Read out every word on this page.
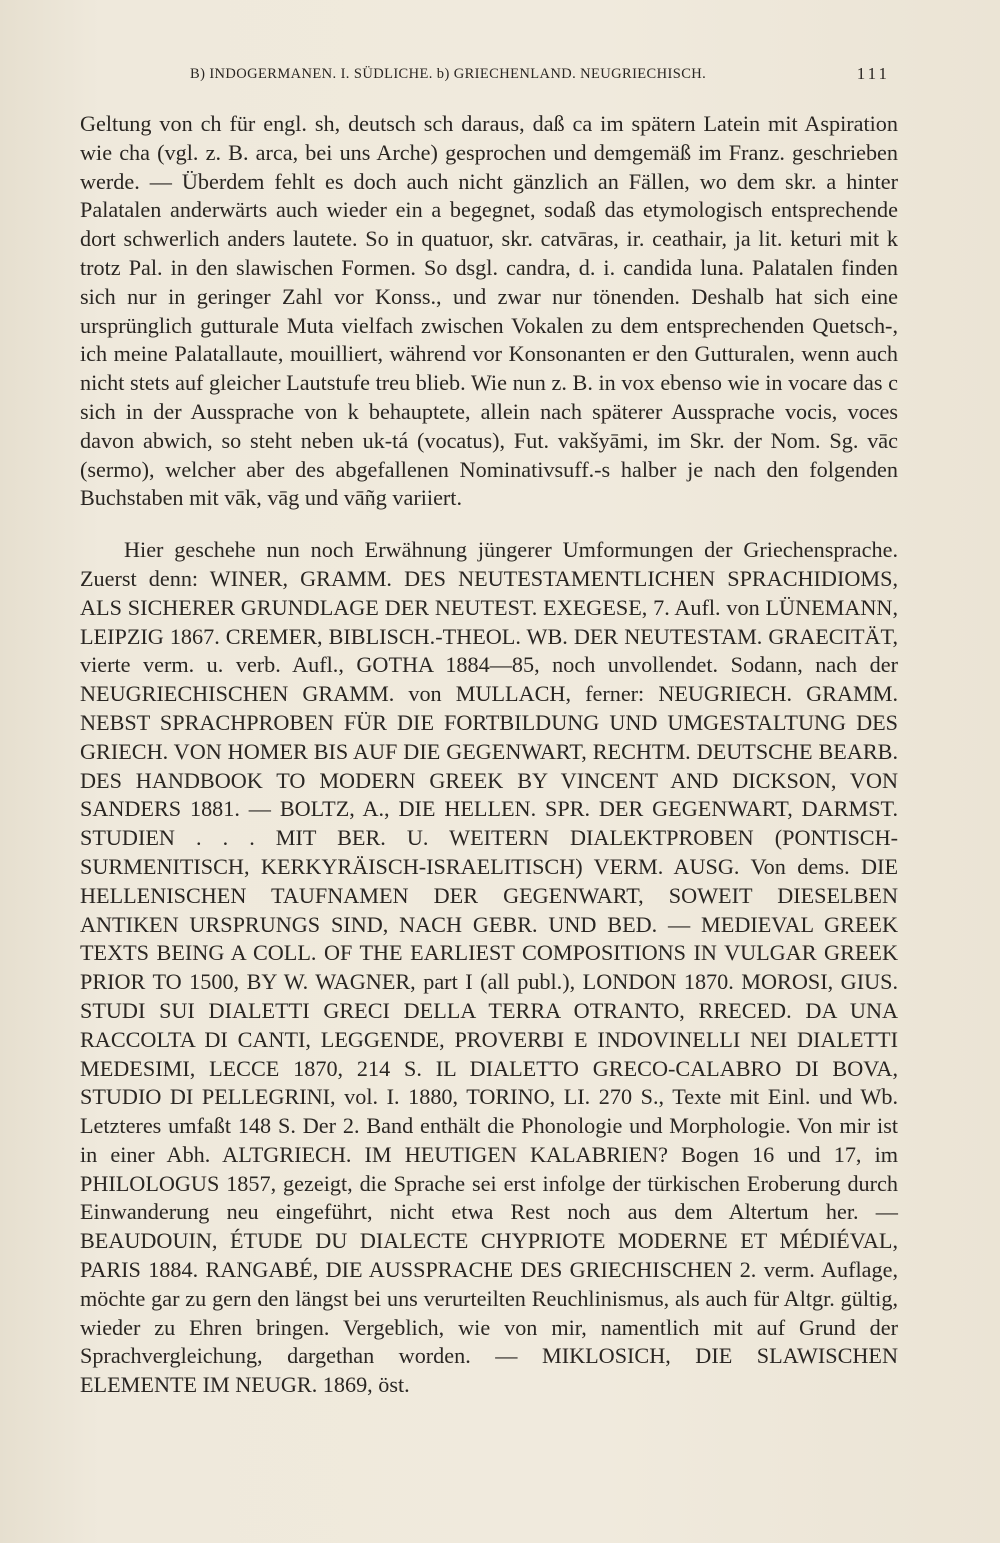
B) INDOGERMANEN. I. SÜDLICHE. b) GRIECHENLAND. NEUGRIECHISCH.	111

Geltung von ch für engl. sh, deutsch sch daraus, daß ca im spätern Latein mit Aspiration wie cha (vgl. z. B. arca, bei uns Arche) gesprochen und demgemäß im Franz. geschrieben werde. — Überdem fehlt es doch auch nicht gänzlich an Fällen, wo dem skr. a hinter Palatalen anderwärts auch wieder ein a begegnet, sodaß das etymologisch entsprechende dort schwerlich anders lautete. So in quatuor, skr. catvāras, ir. ceathair, ja lit. keturi mit k trotz Pal. in den slawischen Formen. So dsgl. candra, d. i. candida luna. Palatalen finden sich nur in geringer Zahl vor Konss., und zwar nur tönenden. Deshalb hat sich eine ursprünglich gutturale Muta vielfach zwischen Vokalen zu dem entsprechenden Quetsch-, ich meine Palatallaute, mouilliert, während vor Konsonanten er den Gutturalen, wenn auch nicht stets auf gleicher Lautstufe treu blieb. Wie nun z. B. in vox ebenso wie in vocare das c sich in der Aussprache von k behauptete, allein nach späterer Aussprache vocis, voces davon abwich, so steht neben uk-tá (vocatus), Fut. vakšyāmi, im Skr. der Nom. Sg. vāc (sermo), welcher aber des abgefallenen Nominativsuff.-s halber je nach den folgenden Buchstaben mit vāk, vāg und vāñg variiert.

Hier geschehe nun noch Erwähnung jüngerer Umformungen der Griechensprache. Zuerst denn: WINER, GRAMM. DES NEUTESTAMENTLICHEN SPRACHIDIOMS, ALS SICHERER GRUNDLAGE DER NEUTEST. EXEGESE, 7. Aufl. von LÜNEMANN, LEIPZIG 1867. CREMER, BIBLISCH.-THEOL. WB. DER NEUTESTAM. GRAECITÄT, vierte verm. u. verb. Aufl., GOTHA 1884—85, noch unvollendet. Sodann, nach der NEUGRIECHISCHEN GRAMM. von MULLACH, ferner: NEUGRIECH. GRAMM. NEBST SPRACHPROBEN FÜR DIE FORTBILDUNG UND UMGESTALTUNG DES GRIECH. VON HOMER BIS AUF DIE GEGENWART, RECHTM. DEUTSCHE BEARB. DES HANDBOOK TO MODERN GREEK BY VINCENT AND DICKSON, VON SANDERS 1881. — BOLTZ, A., DIE HELLEN. SPR. DER GEGENWART, DARMST. STUDIEN . . . MIT BER. U. WEITERN DIALEKTPROBEN (PONTISCH-SURMENITISCH, KERKYRÄISCH-ISRAELITISCH) VERM. AUSG. Von dems. DIE HELLENISCHEN TAUFNAMEN DER GEGENWART, SOWEIT DIESELBEN ANTIKEN URSPRUNGS SIND, NACH GEBR. UND BED. — MEDIEVAL GREEK TEXTS BEING A COLL. OF THE EARLIEST COMPOSITIONS IN VULGAR GREEK PRIOR TO 1500, BY W. WAGNER, part I (all publ.), LONDON 1870. MOROSI, GIUS. STUDI SUI DIALETTI GRECI DELLA TERRA OTRANTO, RRECED. DA UNA RACCOLTA DI CANTI, LEGGENDE, PROVERBI E INDOVINELLI NEI DIALETTI MEDESIMI, LECCE 1870, 214 S. IL DIALETTO GRECO-CALABRO DI BOVA, STUDIO DI PELLEGRINI, vol. I. 1880, TORINO, LI. 270 S., Texte mit Einl. und Wb. Letzteres umfaßt 148 S. Der 2. Band enthält die Phonologie und Morphologie. Von mir ist in einer Abh. ALTGRIECH. IM HEUTIGEN KALABRIEN? Bogen 16 und 17, im PHILOLOGUS 1857, gezeigt, die Sprache sei erst infolge der türkischen Eroberung durch Einwanderung neu eingeführt, nicht etwa Rest noch aus dem Altertum her. — BEAUDOUIN, ÉTUDE DU DIALECTE CHYPRIOTE MODERNE ET MÉDIÉVAL, PARIS 1884. RANGABÉ, DIE AUSSPRACHE DES GRIECHISCHEN 2. verm. Auflage, möchte gar zu gern den längst bei uns verurteilten Reuchlinismus, als auch für Altgr. gültig, wieder zu Ehren bringen. Vergeblich, wie von mir, namentlich mit auf Grund der Sprachvergleichung, dargethan worden. — MIKLOSICH, DIE SLAWISCHEN ELEMENTE IM NEUGR. 1869, öst.
